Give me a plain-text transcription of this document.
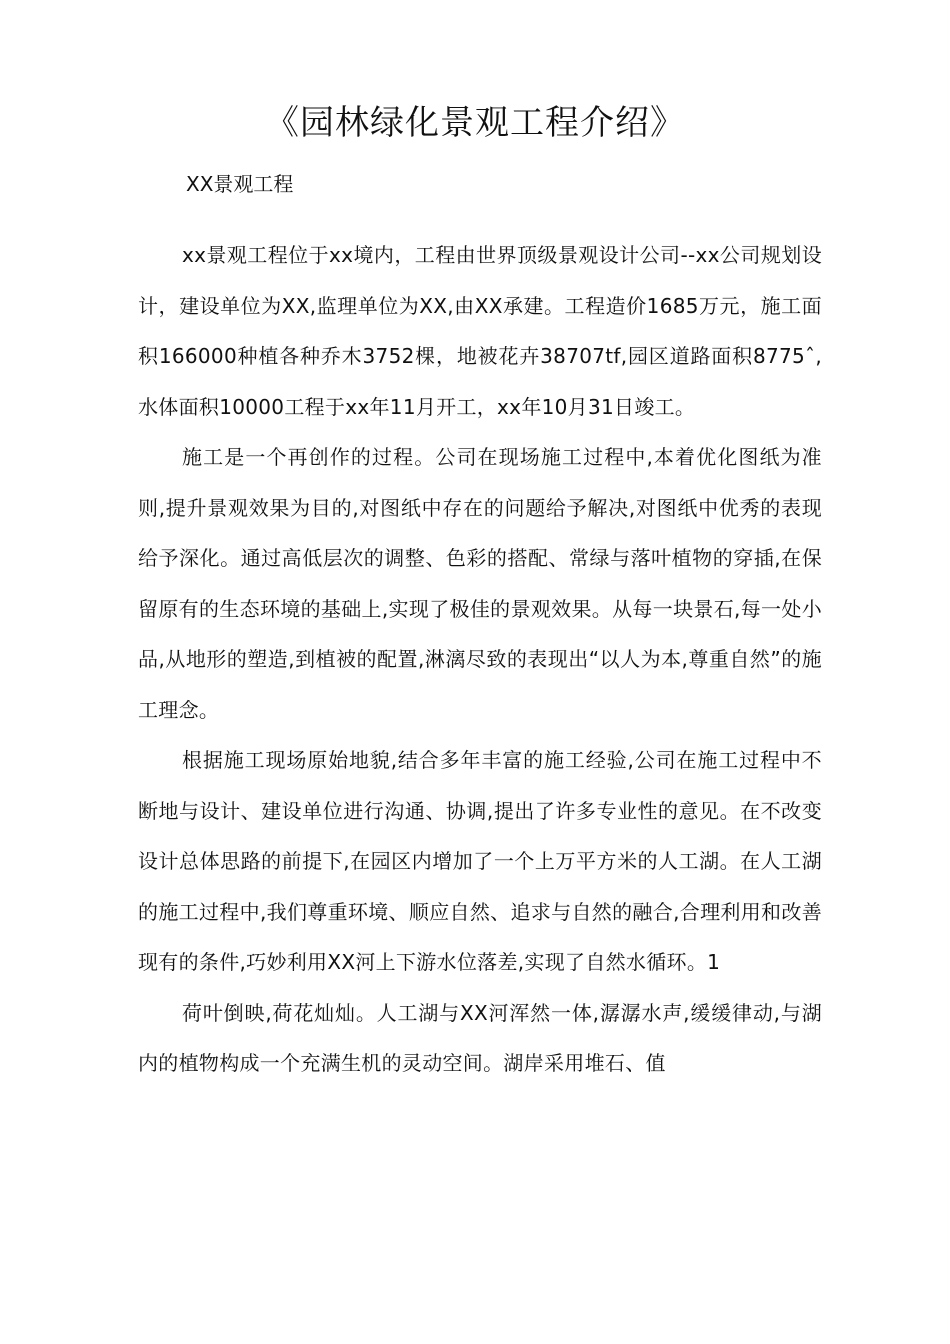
《园林绿化景观工程介绍》

XX景观工程

xx景观工程位于xx境内，工程由世界顶级景观设计公司--xx公司规划设计，建设单位为XX,监理单位为XX,由XX承建。工程造价1685万元，施工面积166000种植各种乔木3752棵，地被花卉38707tf,园区道路面积8775ˆ,水体面积10000工程于xx年11月开工，xx年10月31日竣工。

施工是一个再创作的过程。公司在现场施工过程中,本着优化图纸为准则,提升景观效果为目的,对图纸中存在的问题给予解决,对图纸中优秀的表现给予深化。通过高低层次的调整、色彩的搭配、常绿与落叶植物的穿插,在保留原有的生态环境的基础上,实现了极佳的景观效果。从每一块景石,每一处小品,从地形的塑造,到植被的配置,淋漓尽致的表现出“以人为本,尊重自然”的施工理念。

根据施工现场原始地貌,结合多年丰富的施工经验,公司在施工过程中不断地与设计、建设单位进行沟通、协调,提出了许多专业性的意见。在不改变设计总体思路的前提下,在园区内增加了一个上万平方米的人工湖。在人工湖的施工过程中,我们尊重环境、顺应自然、追求与自然的融合,合理利用和改善现有的条件,巧妙利用XX河上下游水位落差,实现了自然水循环。1

荷叶倒映,荷花灿灿。人工湖与XX河浑然一体,潺潺水声,缓缓律动,与湖内的植物构成一个充满生机的灵动空间。湖岸采用堆石、值
